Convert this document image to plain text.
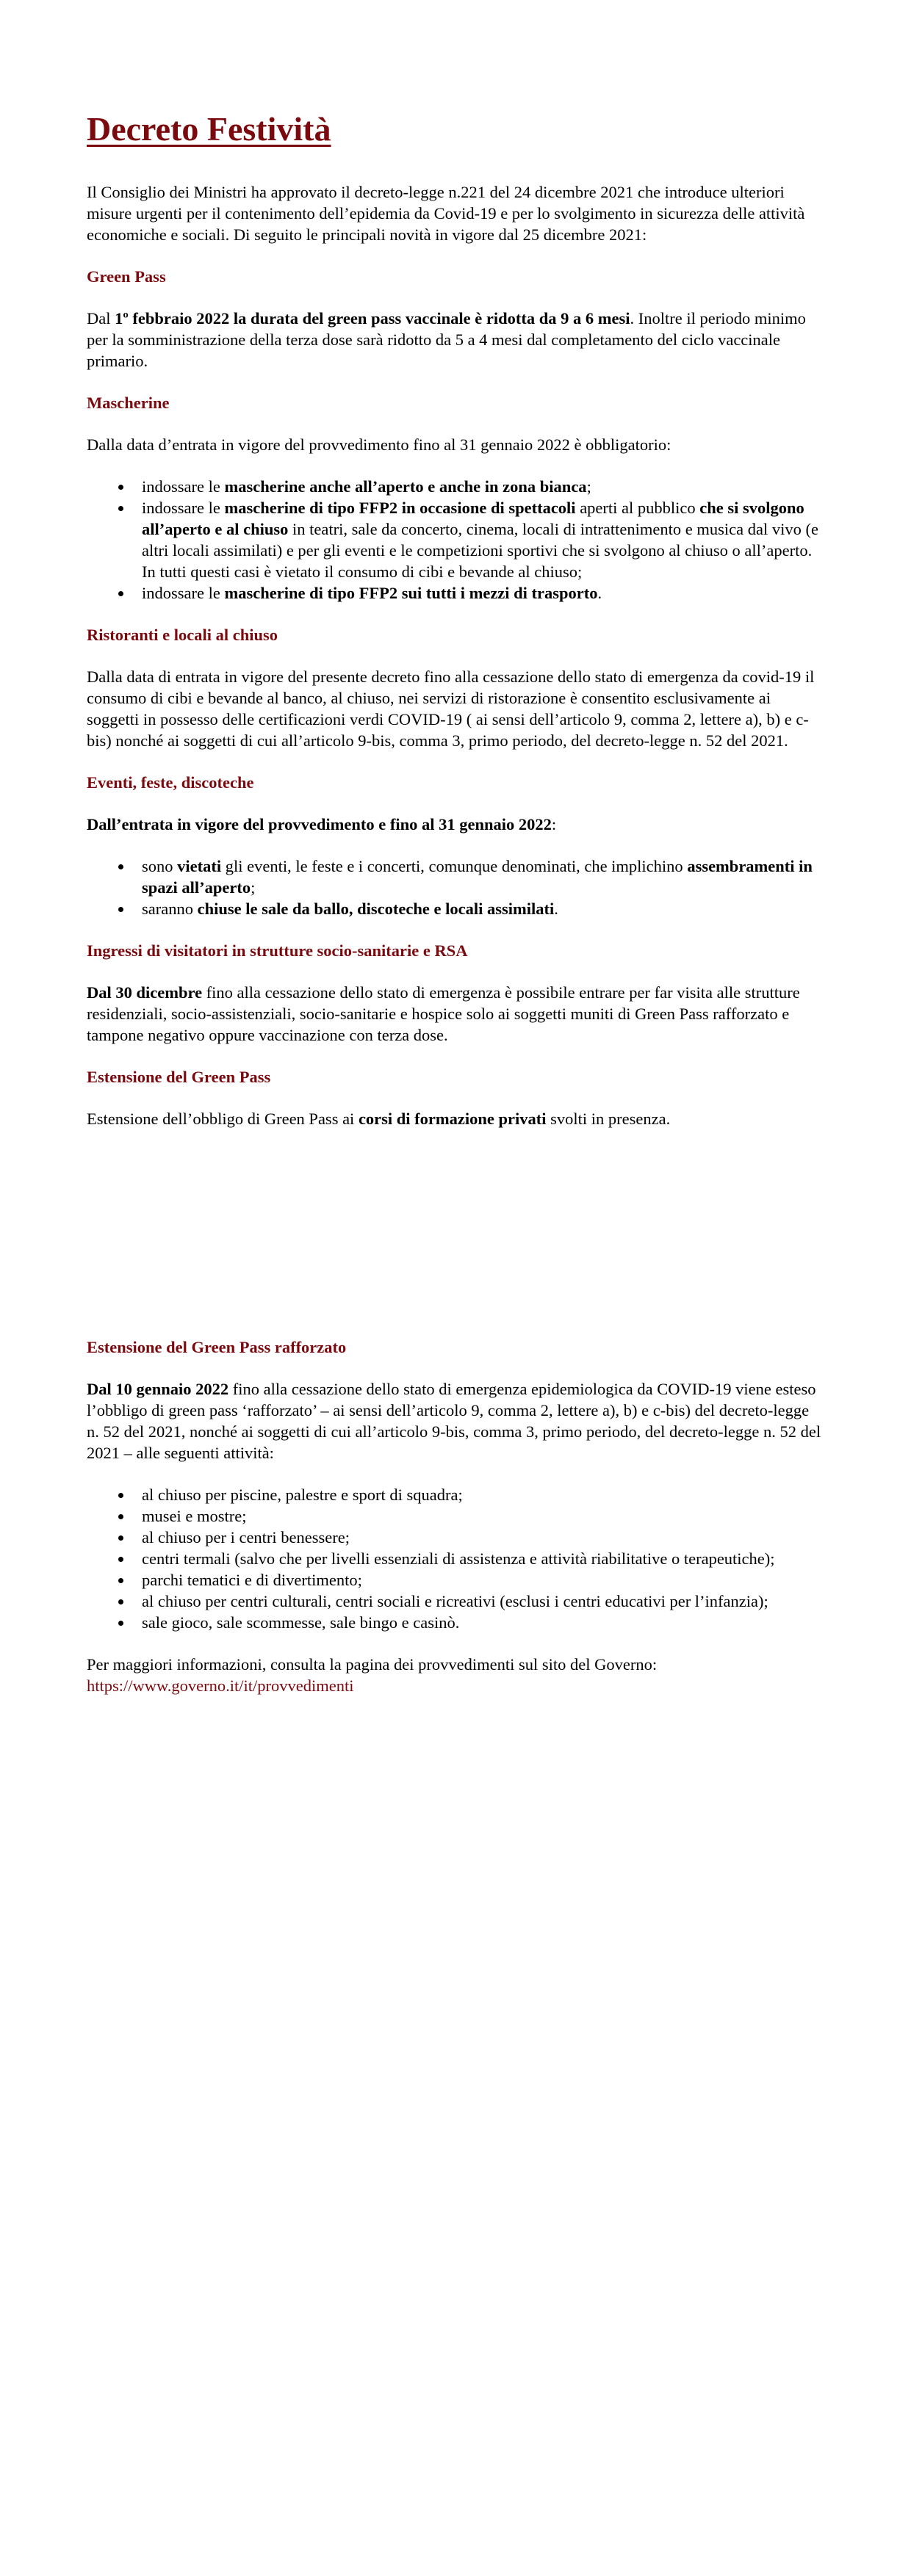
Decreto Festività

Il Consiglio dei Ministri ha approvato il decreto-legge n.221 del 24 dicembre 2021 che introduce ulteriori misure urgenti per il contenimento dell’epidemia da Covid-19 e per lo svolgimento in sicurezza delle attività economiche e sociali. Di seguito le principali novità in vigore dal 25 dicembre 2021:

Green Pass

Dal 1º febbraio 2022 la durata del green pass vaccinale è ridotta da 9 a 6 mesi. Inoltre il periodo minimo per la somministrazione della terza dose sarà ridotto da 5 a 4 mesi dal completamento del ciclo vaccinale primario.

Mascherine

Dalla data d’entrata in vigore del provvedimento fino al 31 gennaio 2022 è obbligatorio:

indossare le mascherine anche all’aperto e anche in zona bianca;
indossare le mascherine di tipo FFP2 in occasione di spettacoli aperti al pubblico che si svolgono all’aperto e al chiuso in teatri, sale da concerto, cinema, locali di intrattenimento e musica dal vivo (e altri locali assimilati) e per gli eventi e le competizioni sportivi che si svolgono al chiuso o all’aperto. In tutti questi casi è vietato il consumo di cibi e bevande al chiuso;
indossare le mascherine di tipo FFP2 sui tutti i mezzi di trasporto.
Ristoranti e locali al chiuso

Dalla data di entrata in vigore del presente decreto fino alla cessazione dello stato di emergenza da covid-19 il consumo di cibi e bevande al banco, al chiuso, nei servizi di ristorazione è consentito esclusivamente ai soggetti in possesso delle certificazioni verdi COVID-19 ( ai sensi dell’articolo 9, comma 2, lettere a), b) e c-bis) nonché ai soggetti di cui all’articolo 9-bis, comma 3, primo periodo, del decreto-legge n. 52 del 2021.

Eventi, feste, discoteche

Dall’entrata in vigore del provvedimento e fino al 31 gennaio 2022:

sono vietati gli eventi, le feste e i concerti, comunque denominati, che implichino assembramenti in spazi all’aperto;
saranno chiuse le sale da ballo, discoteche e locali assimilati.
Ingressi di visitatori in strutture socio-sanitarie e RSA

Dal 30 dicembre fino alla cessazione dello stato di emergenza è possibile entrare per far visita alle strutture residenziali, socio-assistenziali, socio-sanitarie e hospice solo ai soggetti muniti di Green Pass rafforzato e tampone negativo oppure vaccinazione con terza dose.

Estensione del Green Pass

Estensione dell’obbligo di Green Pass ai corsi di formazione privati svolti in presenza.

Estensione del Green Pass rafforzato

Dal 10 gennaio 2022 fino alla cessazione dello stato di emergenza epidemiologica da COVID-19 viene esteso l’obbligo di green pass ‘rafforzato’ – ai sensi dell’articolo 9, comma 2, lettere a), b) e c-bis) del decreto-legge n. 52 del 2021, nonché ai soggetti di cui all’articolo 9-bis, comma 3, primo periodo, del decreto-legge n. 52 del 2021 – alle seguenti attività:

al chiuso per piscine, palestre e sport di squadra;
musei e mostre;
al chiuso per i centri benessere;
centri termali (salvo che per livelli essenziali di assistenza e attività riabilitative o terapeutiche);
parchi tematici e di divertimento;
al chiuso per centri culturali, centri sociali e ricreativi (esclusi i centri educativi per l’infanzia);
sale gioco, sale scommesse, sale bingo e casinò.

Per maggiori informazioni, consulta la pagina dei provvedimenti sul sito del Governo: https://www.governo.it/it/provvedimenti
